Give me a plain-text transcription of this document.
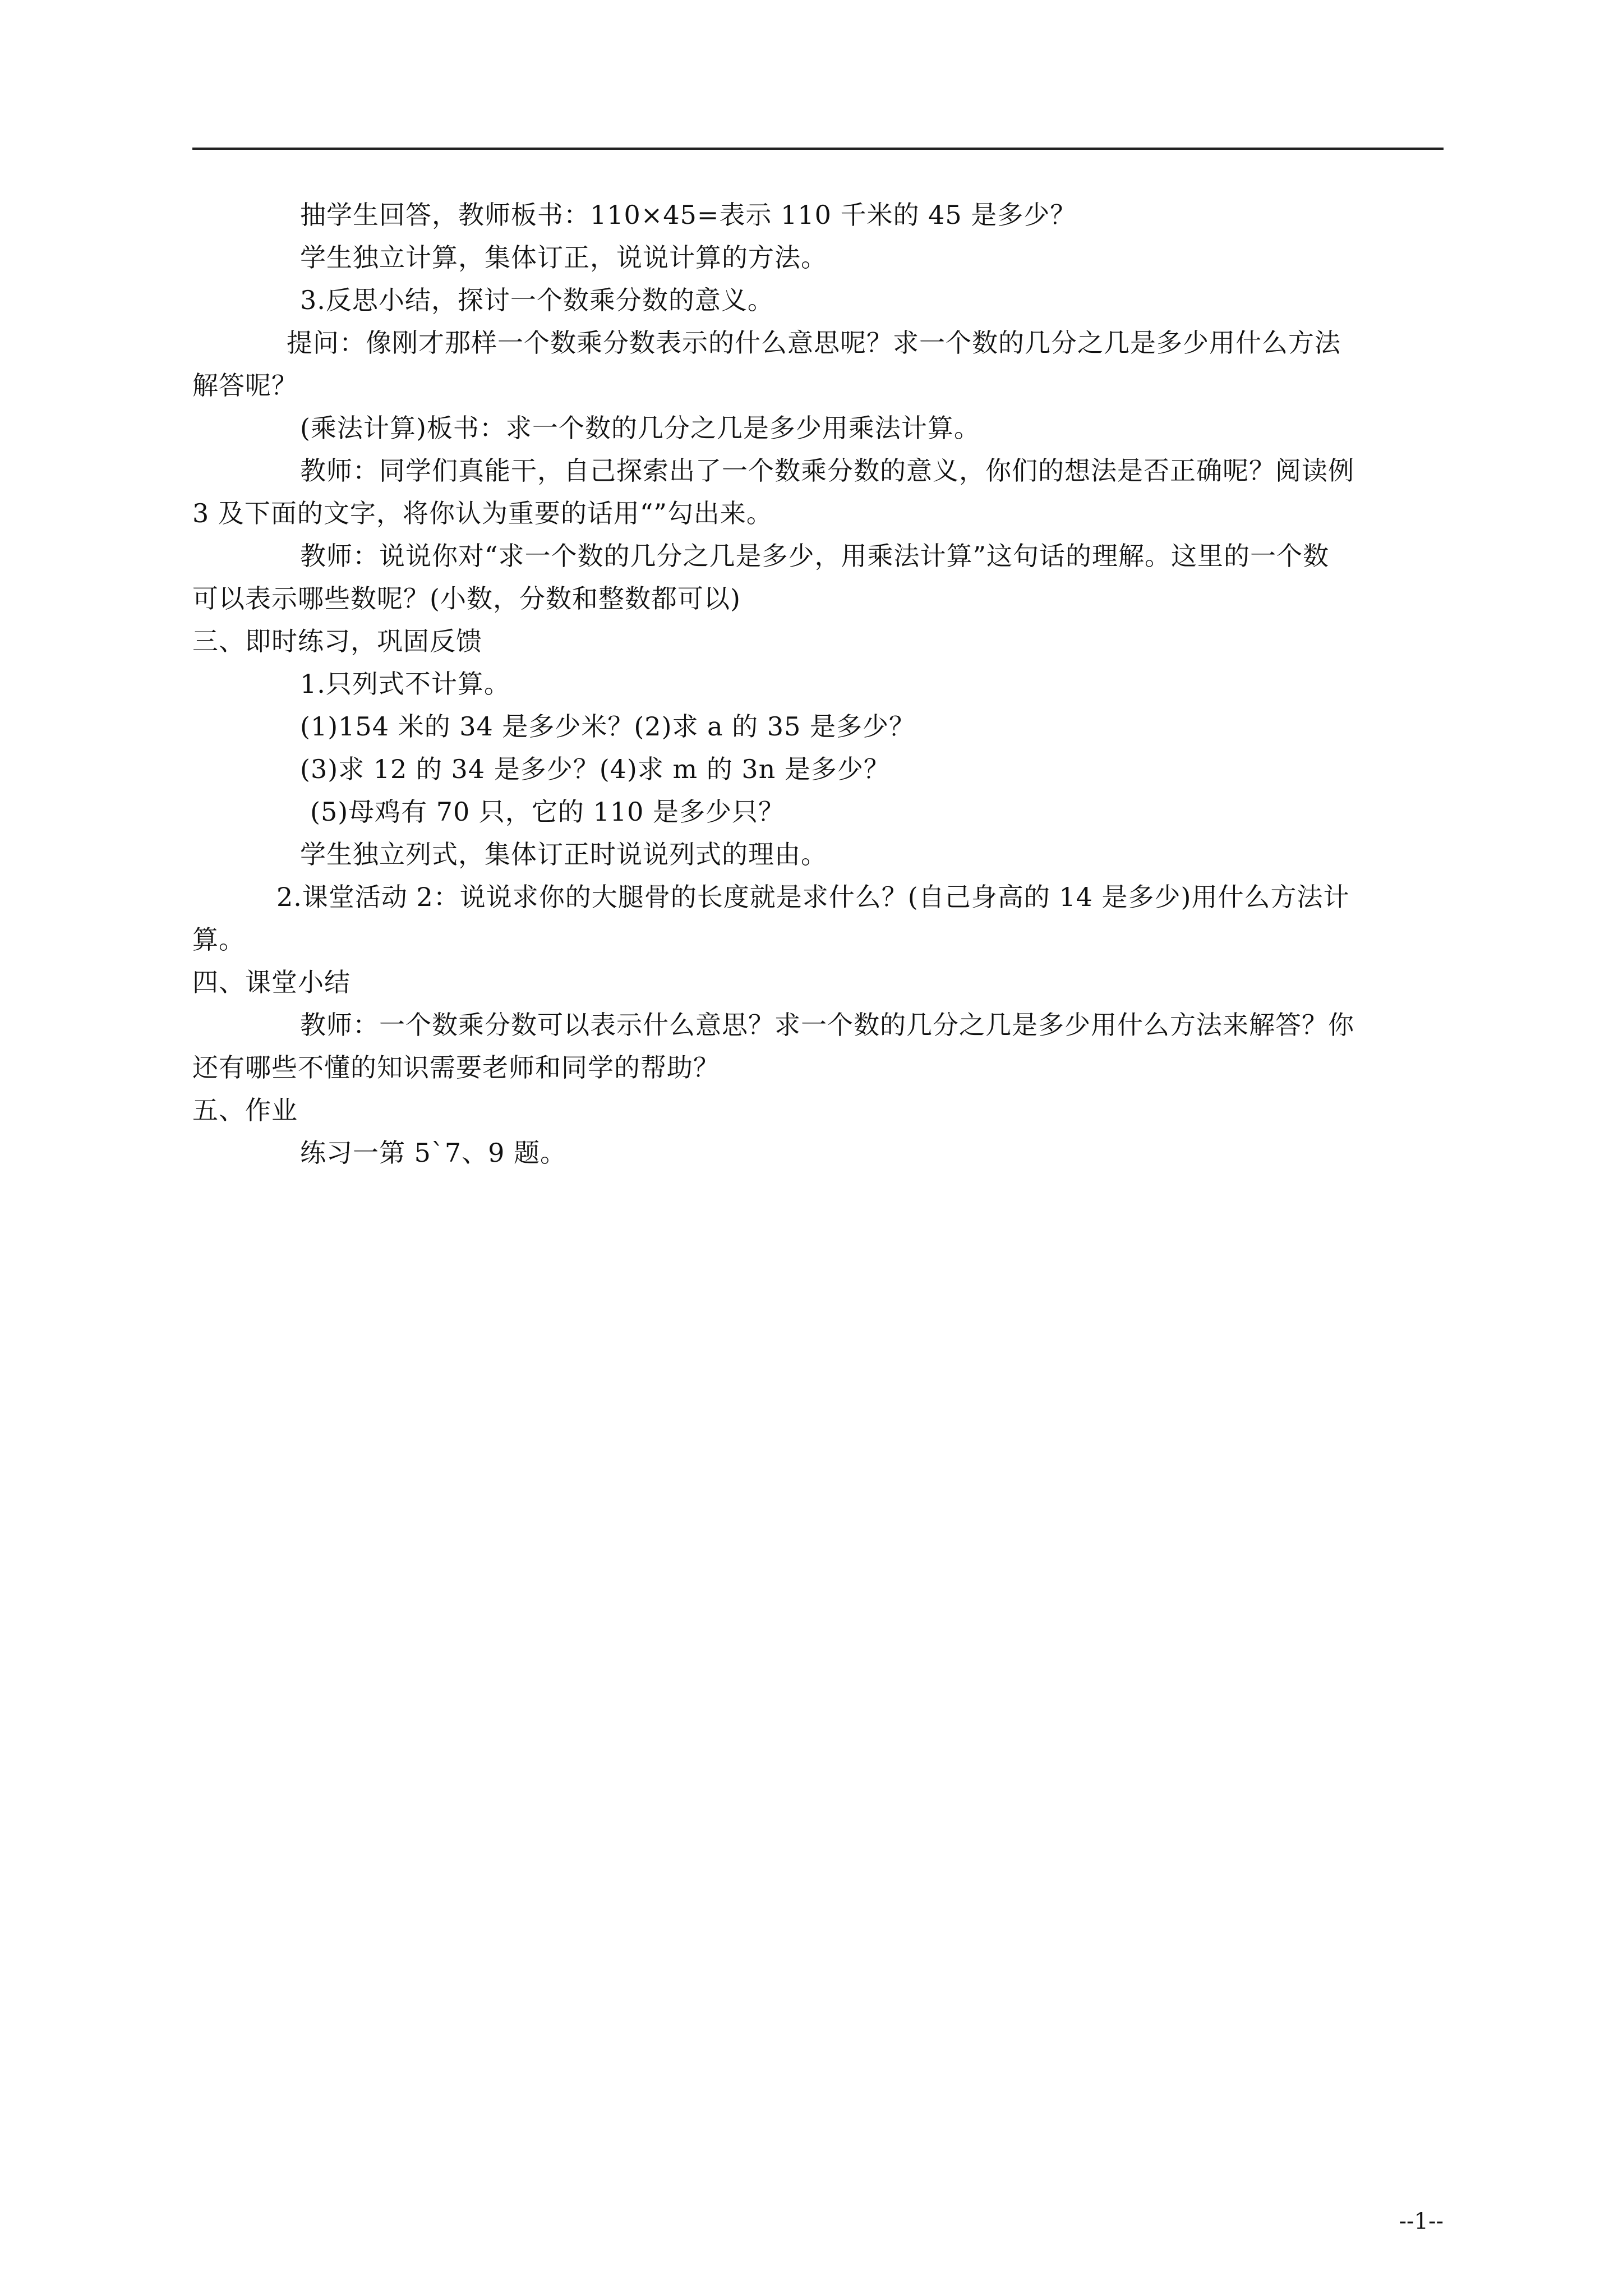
抽学生回答，教师板书：110×45=表示 110 千米的 45 是多少？
学生独立计算，集体订正，说说计算的方法。
3.反思小结，探讨一个数乘分数的意义。
提问：像刚才那样一个数乘分数表示的什么意思呢？求一个数的几分之几是多少用什么方法
解答呢？
(乘法计算)板书：求一个数的几分之几是多少用乘法计算。
教师：同学们真能干，自己探索出了一个数乘分数的意义，你们的想法是否正确呢？阅读例
3 及下面的文字，将你认为重要的话用“”勾出来。
教师：说说你对“求一个数的几分之几是多少，用乘法计算”这句话的理解。这里的一个数
可以表示哪些数呢？(小数，分数和整数都可以)
三、即时练习，巩固反馈
1.只列式不计算。
(1)154 米的 34 是多少米？(2)求 a 的 35 是多少？
(3)求 12 的 34 是多少？(4)求 m 的 3n 是多少？
(5)母鸡有 70 只，它的 110 是多少只？
学生独立列式，集体订正时说说列式的理由。
2.课堂活动 2：说说求你的大腿骨的长度就是求什么？(自己身高的 14 是多少)用什么方法计
算。
四、课堂小结
教师：一个数乘分数可以表示什么意思？求一个数的几分之几是多少用什么方法来解答？你
还有哪些不懂的知识需要老师和同学的帮助？
五、作业
练习一第 5`7、9 题。
--1--
